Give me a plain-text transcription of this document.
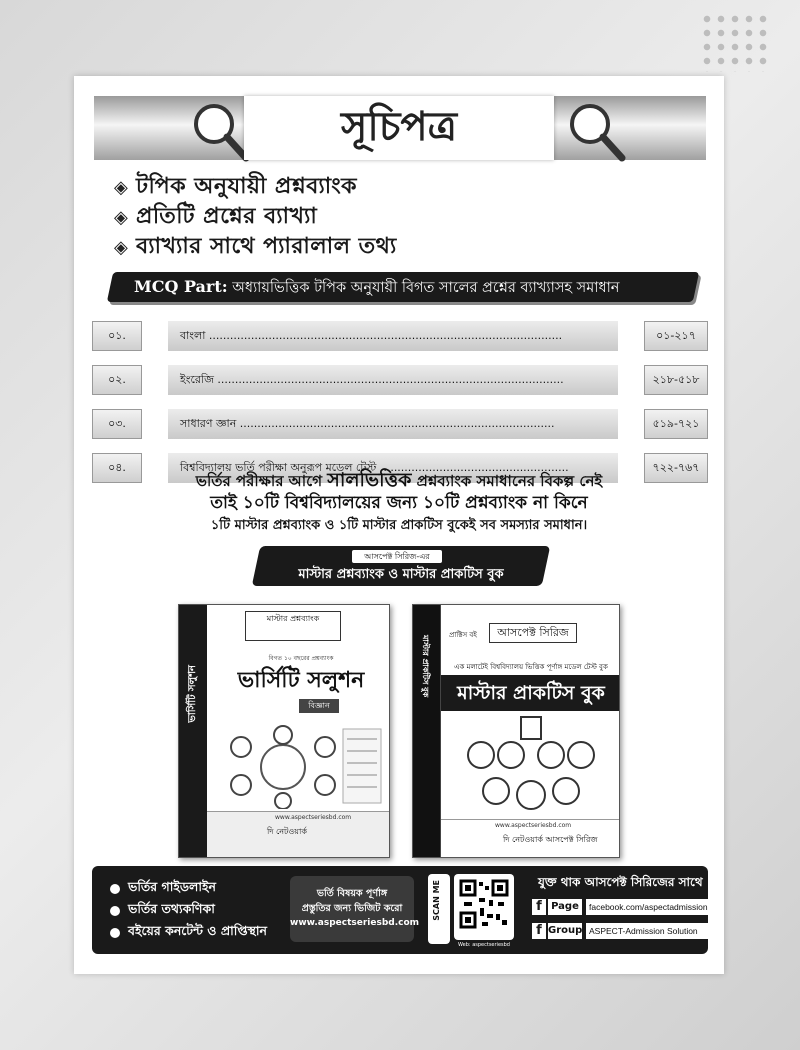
সূচিপত্র
◈ টপিক অনুযায়ী প্রশ্নব্যাংক
◈ প্রতিটি প্রশ্নের ব্যাখ্যা
◈ ব্যাখ্যার সাথে প্যারালাল তথ্য
MCQ Part: অধ্যায়ভিত্তিক টপিক অনুযায়ী বিগত সালের প্রশ্নের ব্যাখ্যাসহ সমাধান
০১.	বাংলা .....................................................................................................	০১-২১৭
০২.	ইংরেজি ...................................................................................................	২১৮-৫১৮
০৩.	সাধারণ জ্ঞান ..........................................................................................	৫১৯-৭২১
০৪.	বিশ্ববিদ্যালয় ভর্তি পরীক্ষা অনুরূপ মডেল টেস্ট ......................................................	৭২২-৭৬৭
ভর্তির পরীক্ষার আগে সালভিত্তিক প্রশ্নব্যাংক সমাধানের বিকল্প নেই
তাই ১০টি বিশ্ববিদ্যালয়ের জন্য ১০টি প্রশ্নব্যাংক না কিনে
১টি মাস্টার প্রশ্নব্যাংক ও ১টি মাস্টার প্রাকটিস বুকেই সব সমস্যার সমাধান।
আসপেক্ট সিরিজ-এর
মাস্টার প্রশ্নব্যাংক ও মাস্টার প্রাকটিস বুক
ভার্সিটি সলুশন
মাস্টার প্রশ্নব্যাংক
বিগত ১০ বছরের প্রশ্নব্যাংক
ভার্সিটি সলুশন
বিজ্ঞান
www.aspectseriesbd.com
দি নেটওয়ার্ক
মাস্টার প্রাকটিস বুক	প্রাক্টিস বই	আসপেক্ট সিরিজ
এক মলাটেই বিশ্ববিদ্যালয় ভিত্তিক পূর্ণাঙ্গ মডেল টেস্ট বুক
মাস্টার প্রাকটিস বুক
www.aspectseriesbd.com
দি নেটওয়ার্ক আসপেক্ট সিরিজ
ভর্তির গাইডলাইন
ভর্তির তথ্যকণিকা
বইয়ের কনটেন্ট ও প্রাপ্তিস্থান
ভর্তি বিষয়ক পূর্ণাঙ্গ
প্রস্তুতির জন্য ভিজিট করো
www.aspectseriesbd.com
SCAN ME
Web: aspectseriesbd
যুক্ত থাক আসপেক্ট সিরিজের সাথে
f Page	facebook.com/aspectadmission
f Group ASPECT-Admission Solution
